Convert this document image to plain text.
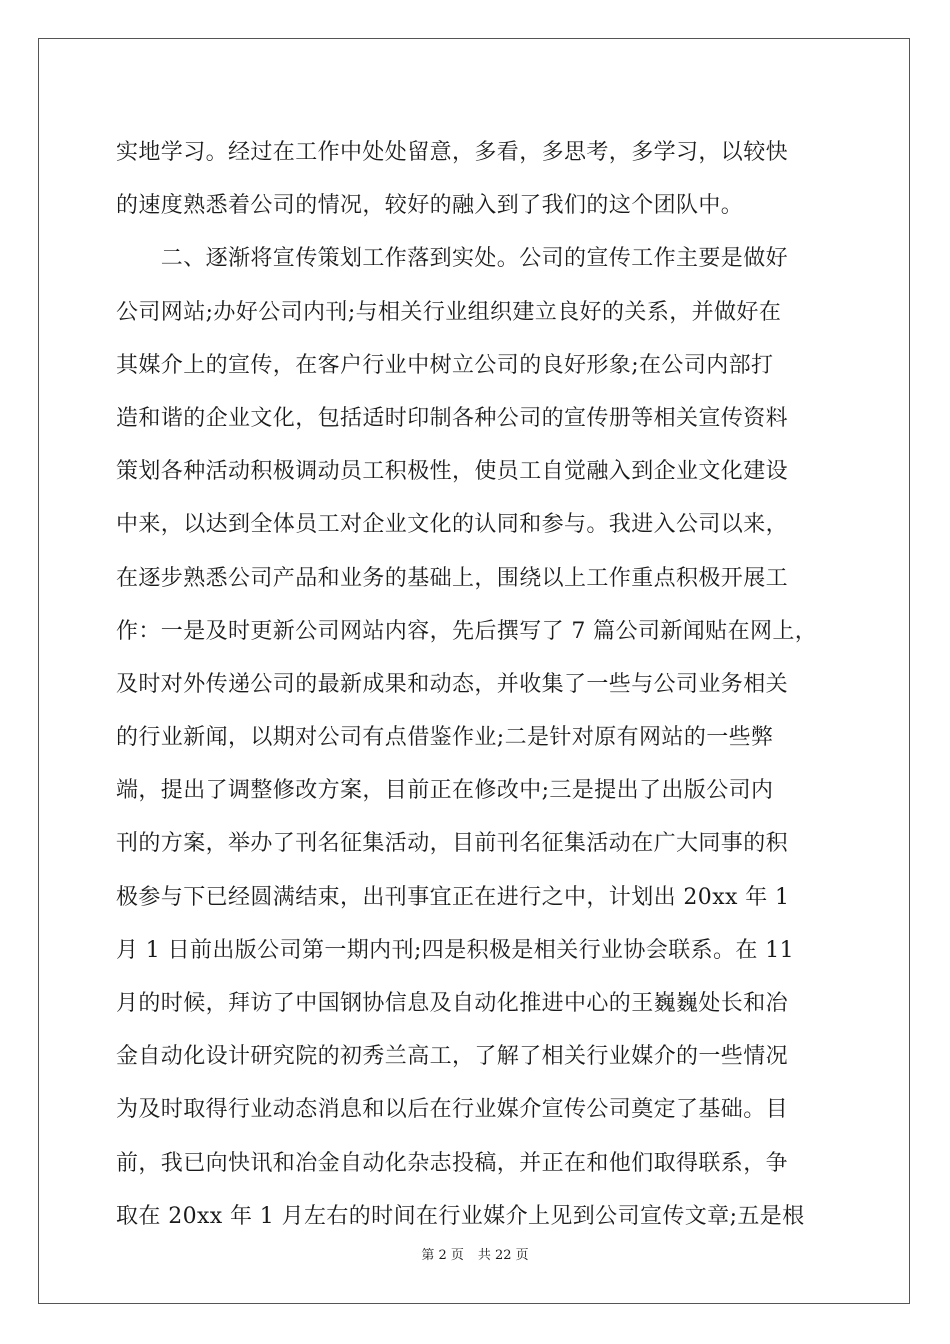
实地学习。经过在工作中处处留意，多看，多思考，多学习，以较快
的速度熟悉着公司的情况，较好的融入到了我们的这个团队中。
　　二、逐渐将宣传策划工作落到实处。公司的宣传工作主要是做好
公司网站;办好公司内刊;与相关行业组织建立良好的关系，并做好在
其媒介上的宣传，在客户行业中树立公司的良好形象;在公司内部打
造和谐的企业文化，包括适时印制各种公司的宣传册等相关宣传资料
策划各种活动积极调动员工积极性，使员工自觉融入到企业文化建设
中来，以达到全体员工对企业文化的认同和参与。我进入公司以来，
在逐步熟悉公司产品和业务的基础上，围绕以上工作重点积极开展工
作：一是及时更新公司网站内容，先后撰写了 7 篇公司新闻贴在网上，
及时对外传递公司的最新成果和动态，并收集了一些与公司业务相关
的行业新闻，以期对公司有点借鉴作业;二是针对原有网站的一些弊
端，提出了调整修改方案，目前正在修改中;三是提出了出版公司内
刊的方案，举办了刊名征集活动，目前刊名征集活动在广大同事的积
极参与下已经圆满结束，出刊事宜正在进行之中，计划出 20xx 年 1
月 1 日前出版公司第一期内刊;四是积极是相关行业协会联系。在 11
月的时候，拜访了中国钢协信息及自动化推进中心的王巍巍处长和冶
金自动化设计研究院的初秀兰高工，了解了相关行业媒介的一些情况
为及时取得行业动态消息和以后在行业媒介宣传公司奠定了基础。目
前，我已向快讯和冶金自动化杂志投稿，并正在和他们取得联系，争
取在 20xx 年 1 月左右的时间在行业媒介上见到公司宣传文章;五是根
第 2 页 共 22 页
